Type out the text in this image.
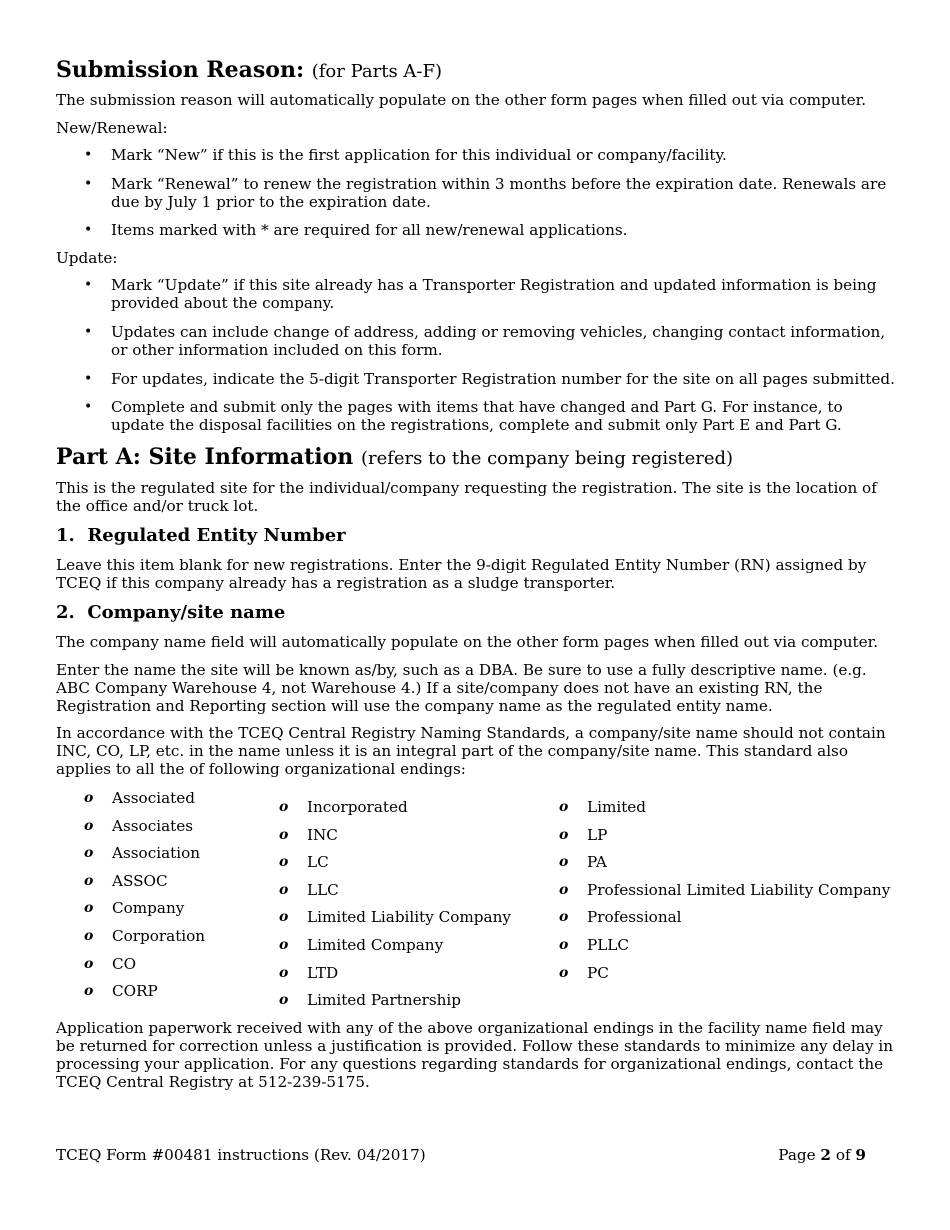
Submission Reason: (for Parts A-F)

The submission reason will automatically populate on the other form pages when filled out via computer.

New/Renewal:

• Mark “New” if this is the first application for this individual or company/facility.
• Mark “Renewal” to renew the registration within 3 months before the expiration date. Renewals are due by July 1 prior to the expiration date.
• Items marked with * are required for all new/renewal applications.

Update:

• Mark “Update” if this site already has a Transporter Registration and updated information is being provided about the company.
• Updates can include change of address, adding or removing vehicles, changing contact information, or other information included on this form.
• For updates, indicate the 5-digit Transporter Registration number for the site on all pages submitted.
• Complete and submit only the pages with items that have changed and Part G. For instance, to update the disposal facilities on the registrations, complete and submit only Part E and Part G.
Part A: Site Information (refers to the company being registered)

This is the regulated site for the individual/company requesting the registration. The site is the location of the office and/or truck lot.

1.  Regulated Entity Number

Leave this item blank for new registrations. Enter the 9-digit Regulated Entity Number (RN) assigned by TCEQ if this company already has a registration as a sludge transporter.

2.  Company/site name

The company name field will automatically populate on the other form pages when filled out via computer.

Enter the name the site will be known as/by, such as a DBA. Be sure to use a fully descriptive name. (e.g. ABC Company Warehouse 4, not Warehouse 4.) If a site/company does not have an existing RN, the Registration and Reporting section will use the company name as the regulated entity name.

In accordance with the TCEQ Central Registry Naming Standards, a company/site name should not contain INC, CO, LP, etc. in the name unless it is an integral part of the company/site name. This standard also applies to all the of following organizational endings:

o Associated
o Associates
o Association
o ASSOC
o Company
o Corporation
o CO
o CORP
o Incorporated
o INC
o LC
o LLC
o Limited Liability Company
o Limited Company
o LTD
o Limited Partnership
o Limited
o LP
o PA
o Professional Limited Liability Company
o Professional
o PLLC
o PC

Application paperwork received with any of the above organizational endings in the facility name field may be returned for correction unless a justification is provided. Follow these standards to minimize any delay in processing your application. For any questions regarding standards for organizational endings, contact the TCEQ Central Registry at 512-239-5175.

TCEQ Form #00481 instructions (Rev. 04/2017)	Page 2 of 9
